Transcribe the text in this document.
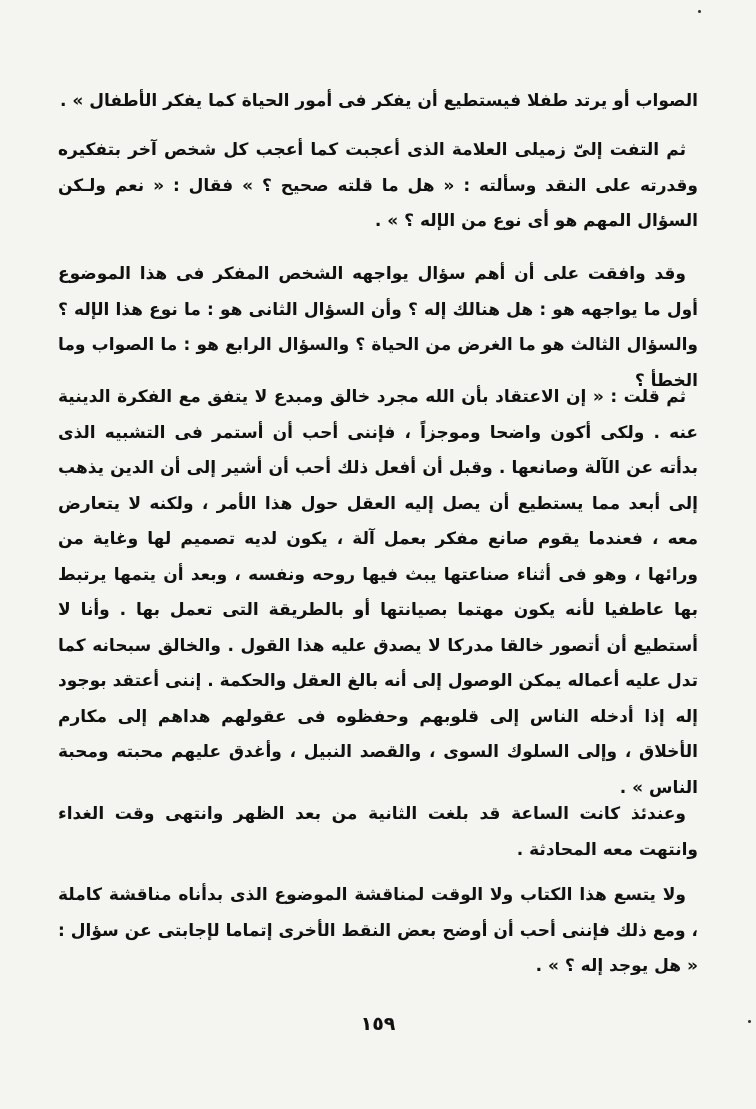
الصواب أو يرتد طفلا فيستطيع أن يفكر فى أمور الحياة كما يفكر الأطفال » .

ثم التفت إلىّ زميلى العلامة الذى أعجبت كما أعجب كل شخص آخر بتفكيره وقدرته على النقد وسألته : « هل ما قلته صحيح ؟ » فقال : « نعم ولـكن السؤال المهم هو أى نوع من الإله ؟ » .

وقد وافقت على أن أهم سؤال يواجهه الشخص المفكر فى هذا الموضوع أول ما يواجهه هو : هل هنالك إله ؟ وأن السؤال الثانى هو : ما نوع هذا الإله ؟ والسؤال الثالث هو ما الغرض من الحياة ؟ والسؤال الرابع هو : ما الصواب وما الخطأ ؟

ثم قلت : « إن الاعتقاد بأن الله مجرد خالق ومبدع لا يتفق مع الفكرة الدينية عنه . ولكى أكون واضحا وموجزاً ، فإننى أحب أن أستمر فى التشبيه الذى بدأته عن الآلة وصانعها . وقبل أن أفعل ذلك أحب أن أشير إلى أن الدين يذهب إلى أبعد مما يستطيع أن يصل إليه العقل حول هذا الأمر ، ولكنه لا يتعارض معه ، فعندما يقوم صانع مفكر بعمل آلة ، يكون لديه تصميم لها وغاية من ورائها ، وهو فى أثناء صناعتها يبث فيها روحه ونفسه ، وبعد أن يتمها يرتبط بها عاطفيا لأنه يكون مهتما بصيانتها أو بالطريقة التى تعمل بها . وأنا لا أستطيع أن أتصور خالقا مدركا لا يصدق عليه هذا القول . والخالق سبحانه كما تدل عليه أعماله يمكن الوصول إلى أنه بالغ العقل والحكمة . إننى أعتقد بوجود إله إذا أدخله الناس إلى قلوبهم وحفظوه فى عقولهم هداهم إلى مكارم الأخلاق ، وإلى السلوك السوى ، والقصد النبيل ، وأغدق عليهم محبته ومحبة الناس » .

وعندئذ كانت الساعة قد بلغت الثانية من بعد الظهر وانتهى وقت الغداء وانتهت معه المحادثة .

ولا يتسع هذا الكتاب ولا الوقت لمناقشة الموضوع الذى بدأناه مناقشة كاملة ، ومع ذلك فإننى أحب أن أوضح بعض النقط الأخرى إتماما لإجابتى عن سؤال : « هل يوجد إله ؟ » .

١٥٩
